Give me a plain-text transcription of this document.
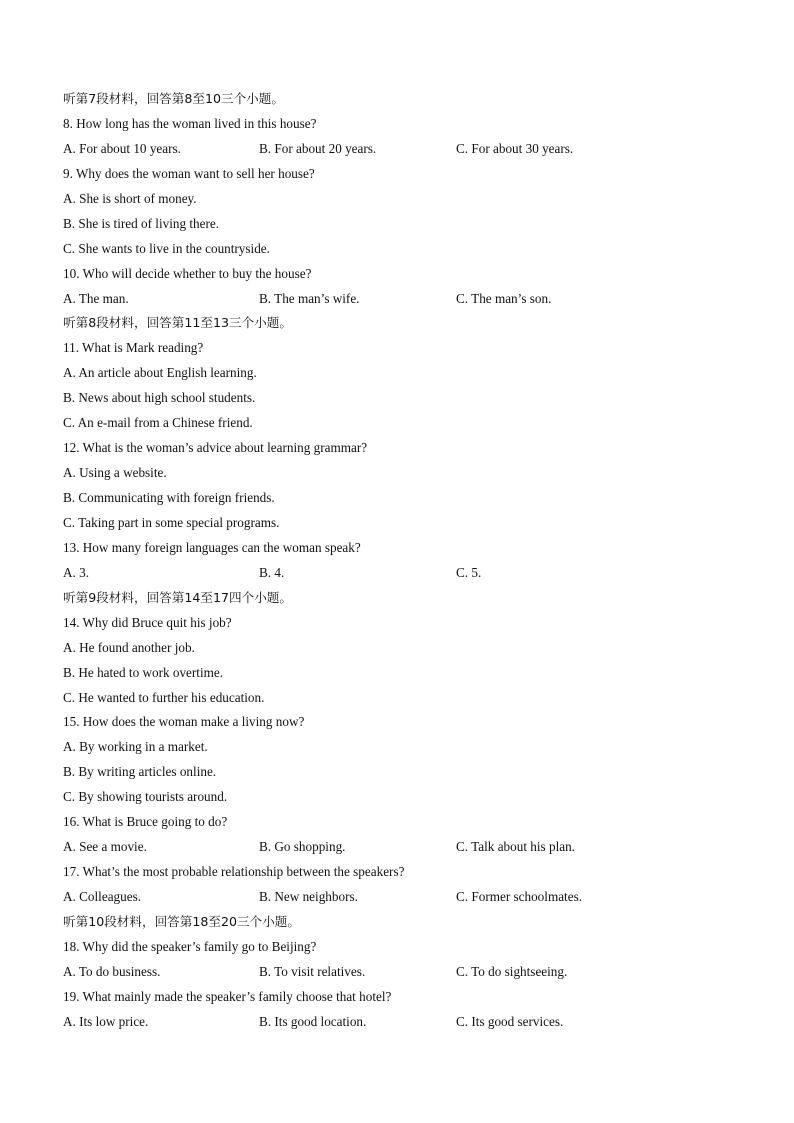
听第7段材料，回答第8至10三个小题。
8. How long has the woman lived in this house?
A. For about 10 years.	B. For about 20 years.	C. For about 30 years.
9. Why does the woman want to sell her house?
A. She is short of money.
B. She is tired of living there.
C. She wants to live in the countryside.
10. Who will decide whether to buy the house?
A. The man.	B. The man’s wife.	C. The man’s son.
听第8段材料，回答第11至13三个小题。
11. What is Mark reading?
A. An article about English learning.
B. News about high school students.
C. An e-mail from a Chinese friend.
12. What is the woman’s advice about learning grammar?
A. Using a website.
B. Communicating with foreign friends.
C. Taking part in some special programs.
13. How many foreign languages can the woman speak?
A. 3.	B. 4.	C. 5.
听第9段材料，回答第14至17四个小题。
14. Why did Bruce quit his job?
A. He found another job.
B. He hated to work overtime.
C. He wanted to further his education.
15. How does the woman make a living now?
A. By working in a market.
B. By writing articles online.
C. By showing tourists around.
16. What is Bruce going to do?
A. See a movie.	B. Go shopping.	C. Talk about his plan.
17. What’s the most probable relationship between the speakers?
A. Colleagues.	B. New neighbors.	C. Former schoolmates.
听第10段材料，回答第18至20三个小题。
18. Why did the speaker’s family go to Beijing?
A. To do business.	B. To visit relatives.	C. To do sightseeing.
19. What mainly made the speaker’s family choose that hotel?
A. Its low price.	B. Its good location.	C. Its good services.
